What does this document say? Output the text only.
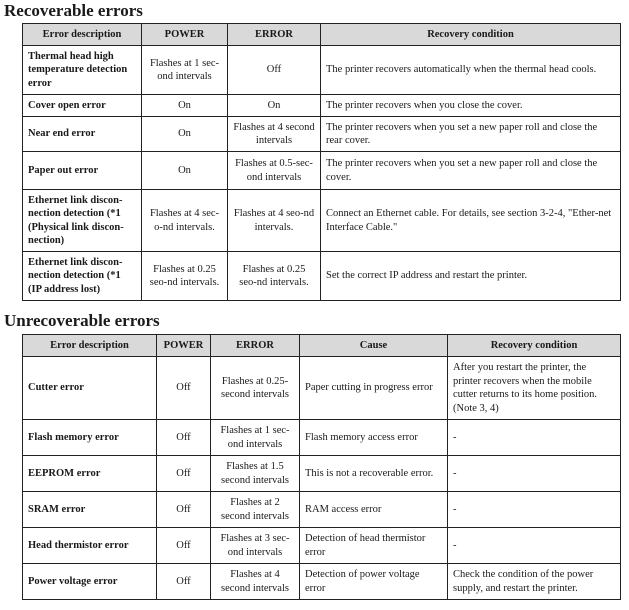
Recoverable errors
Error description	POWER	ERROR	Recovery condition
Thermal head high temperature detection error	Flashes at 1 sec-ond intervals	Off	The printer recovers automatically when the thermal head cools.
Cover open error	On	On	The printer recovers when you close the cover.
Near end error	On	Flashes at 4 second intervals	The printer recovers when you set a new paper roll and close the rear cover.
Paper out error	On	Flashes at 0.5-sec-ond intervals	The printer recovers when you set a new paper roll and close the cover.
Ethernet link discon-nection detection (*1 (Physical link discon-nection)	Flashes at 4 sec-o-nd intervals.	Flashes at 4 seo-nd intervals.	Connect an Ethernet cable. For details, see section 3-2-4, "Ether-net Interface Cable."
Ethernet link discon-nection detection (*1 (IP address lost)	Flashes at 0.25 seo-nd intervals.	Flashes at 0.25 seo-nd intervals.	Set the correct IP address and restart the printer.
Unrecoverable errors
Error description	POWER	ERROR	Cause	Recovery condition
Cutter error	Off	Flashes at 0.25-second intervals	Paper cutting in progress error	After you restart the printer, the printer recovers when the mobile cutter returns to its home position. (Note 3, 4)
Flash memory error	Off	Flashes at 1 sec-ond intervals	Flash memory access error	-
EEPROM error	Off	Flashes at 1.5 second intervals	This is not a recoverable error.	-
SRAM error	Off	Flashes at 2 second intervals	RAM access error	-
Head thermistor error	Off	Flashes at 3 sec-ond intervals	Detection of head thermistor error	-
Power voltage error	Off	Flashes at 4 second intervals	Detection of power voltage error	Check the condition of the power supply, and restart the printer.
